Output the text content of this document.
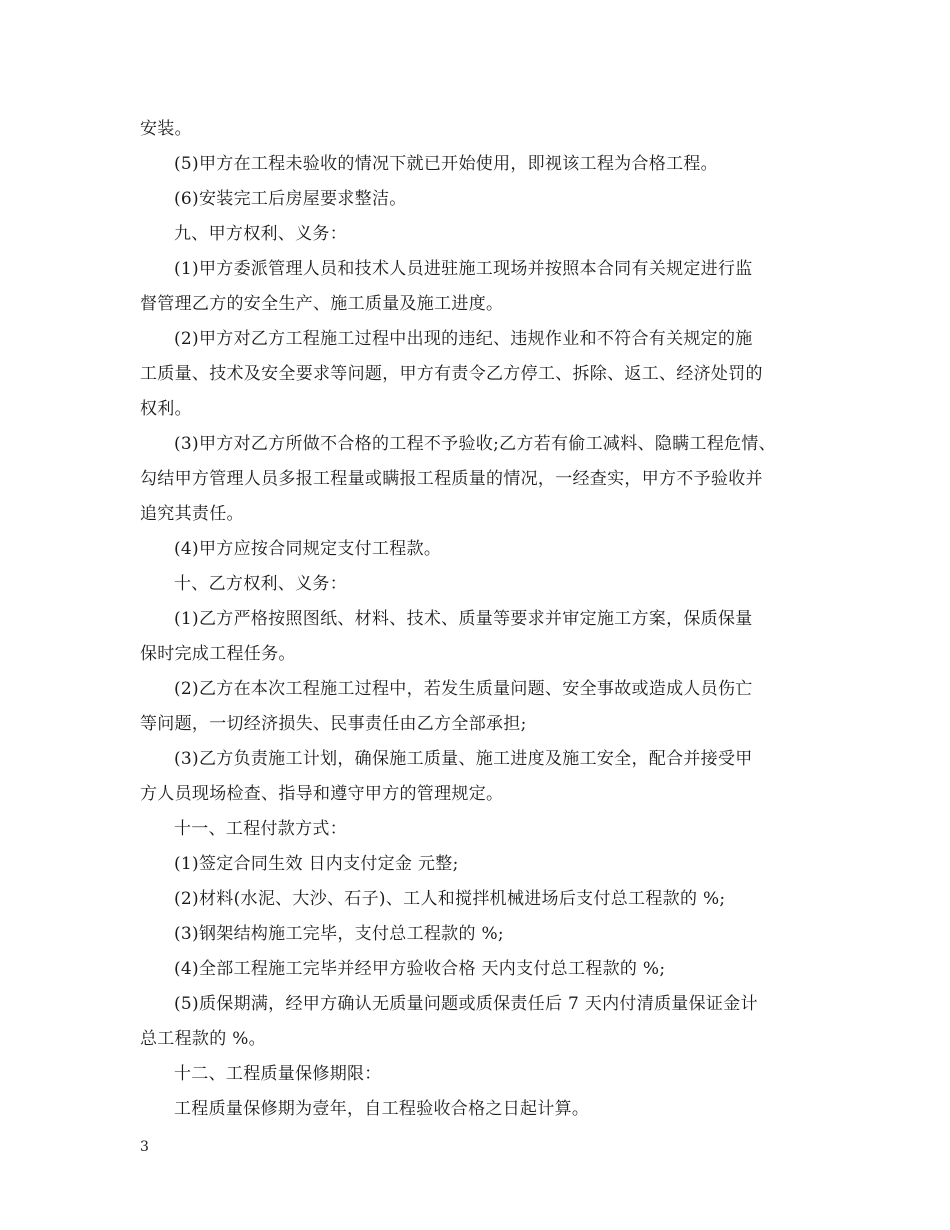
安装。
(5)甲方在工程未验收的情况下就已开始使用，即视该工程为合格工程。
(6)安装完工后房屋要求整洁。
九、甲方权利、义务：
(1)甲方委派管理人员和技术人员进驻施工现场并按照本合同有关规定进行监
督管理乙方的安全生产、施工质量及施工进度。
(2)甲方对乙方工程施工过程中出现的违纪、违规作业和不符合有关规定的施
工质量、技术及安全要求等问题，甲方有责令乙方停工、拆除、返工、经济处罚的
权利。
(3)甲方对乙方所做不合格的工程不予验收;乙方若有偷工减料、隐瞒工程危情、
勾结甲方管理人员多报工程量或瞒报工程质量的情况，一经查实，甲方不予验收并
追究其责任。
(4)甲方应按合同规定支付工程款。
十、乙方权利、义务：
(1)乙方严格按照图纸、材料、技术、质量等要求并审定施工方案，保质保量
保时完成工程任务。
(2)乙方在本次工程施工过程中，若发生质量问题、安全事故或造成人员伤亡
等问题，一切经济损失、民事责任由乙方全部承担;
(3)乙方负责施工计划，确保施工质量、施工进度及施工安全，配合并接受甲
方人员现场检查、指导和遵守甲方的管理规定。
十一、工程付款方式：
(1)签定合同生效 日内支付定金 元整;
(2)材料(水泥、大沙、石子)、工人和搅拌机械进场后支付总工程款的 %;
(3)钢架结构施工完毕，支付总工程款的 %;
(4)全部工程施工完毕并经甲方验收合格 天内支付总工程款的 %;
(5)质保期满，经甲方确认无质量问题或质保责任后 7 天内付清质量保证金计
总工程款的 %。
十二、工程质量保修期限：
工程质量保修期为壹年，自工程验收合格之日起计算。
3
